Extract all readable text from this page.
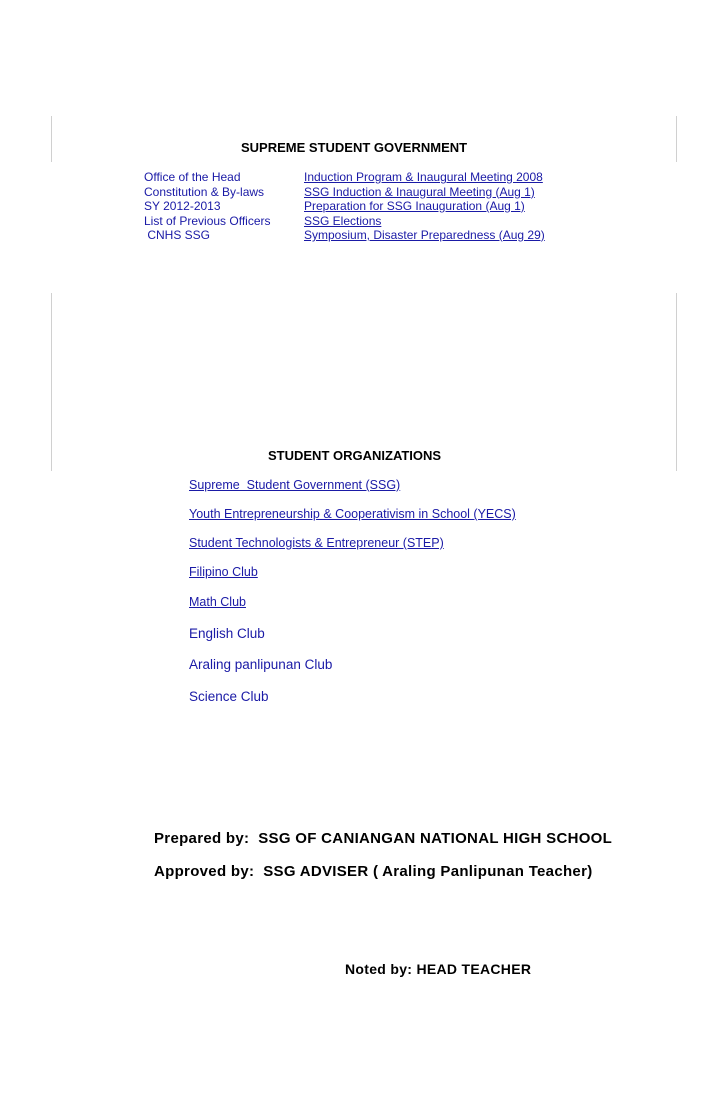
SUPREME STUDENT GOVERNMENT
Office of the Head
Constitution & By-laws
SY 2012-2013
List of Previous Officers
CNHS SSG
Induction Program & Inaugural Meeting 2008
SSG Induction & Inaugural Meeting (Aug 1)
Preparation for SSG Inauguration (Aug 1)
SSG Elections
Symposium, Disaster Preparedness (Aug 29)
STUDENT ORGANIZATIONS
Supreme  Student Government (SSG)
Youth Entrepreneurship & Cooperativism in School (YECS)
Student Technologists & Entrepreneur (STEP)
Filipino Club
Math Club
English Club
Araling panlipunan Club
Science Club
Prepared by:  SSG OF CANIANGAN NATIONAL HIGH SCHOOL
Approved by:  SSG ADVISER ( Araling Panlipunan Teacher)
Noted by: HEAD TEACHER
